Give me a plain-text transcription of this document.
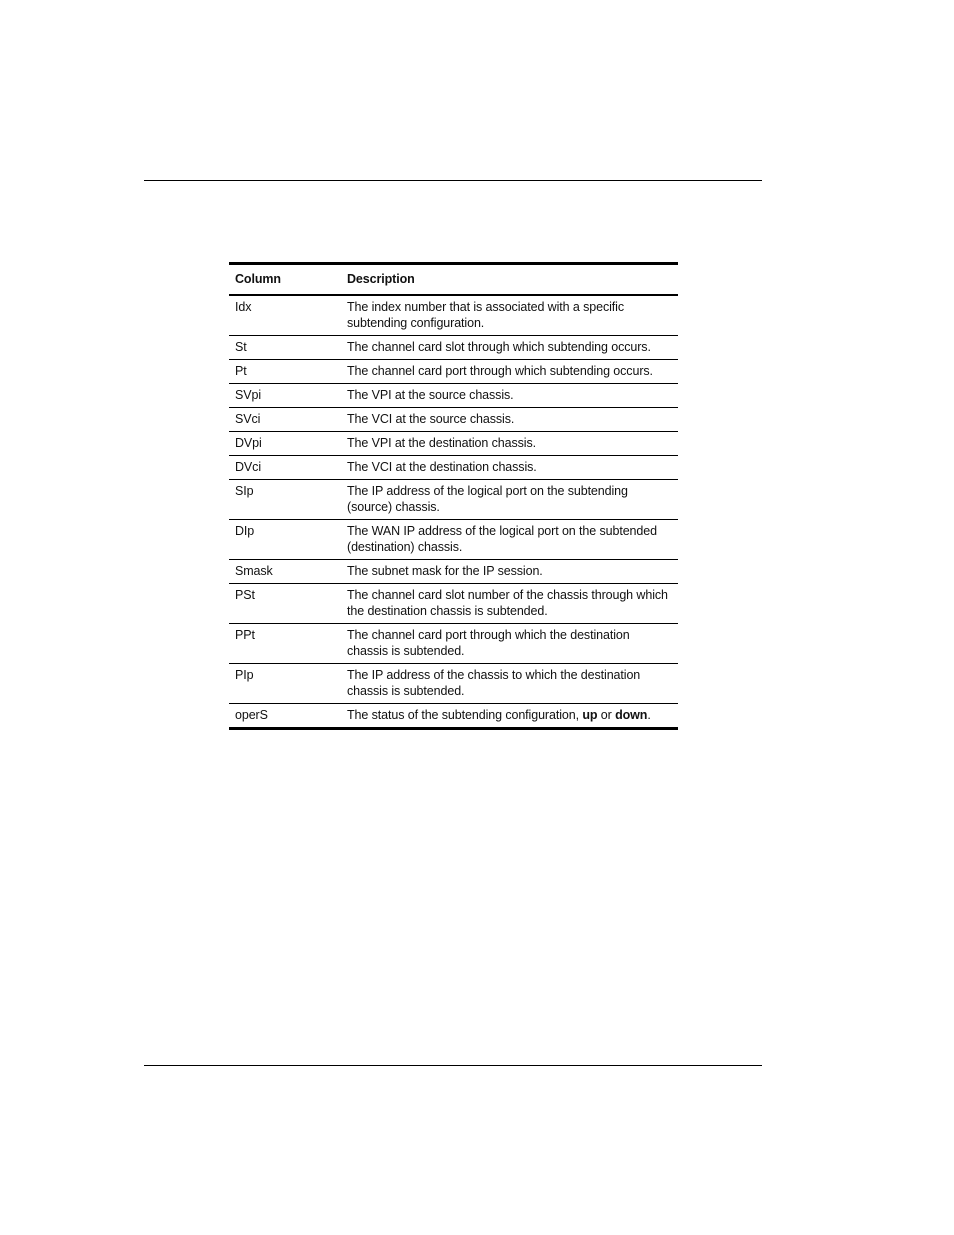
Column	Description
Idx	The index number that is associated with a specific subtending configuration.
St	The channel card slot through which subtending occurs.
Pt	The channel card port through which subtending occurs.
SVpi	The VPI at the source chassis.
SVci	The VCI at the source chassis.
DVpi	The VPI at the destination chassis.
DVci	The VCI at the destination chassis.
SIp	The IP address of the logical port on the subtending (source) chassis.
DIp	The WAN IP address of the logical port on the subtended (destination) chassis.
Smask	The subnet mask for the IP session.
PSt	The channel card slot number of the chassis through which the destination chassis is subtended.
PPt	The channel card port through which the destination chassis is subtended.
PIp	The IP address of the chassis to which the destination chassis is subtended.
operS	The status of the subtending configuration, up or down.
